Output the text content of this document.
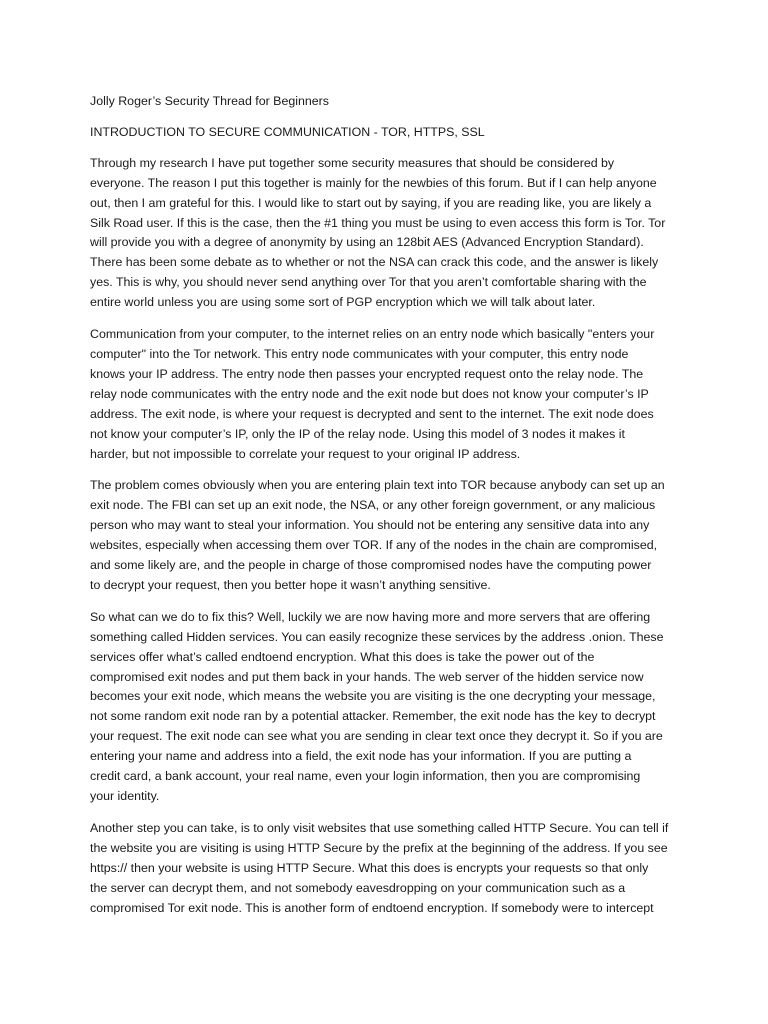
Jolly Roger’s Security Thread for Beginners
INTRODUCTION TO SECURE COMMUNICATION - TOR, HTTPS, SSL
Through my research I have put together some security measures that should be considered by
everyone. The reason I put this together is mainly for the newbies of this forum. But if I can help anyone
out, then I am grateful for this. I would like to start out by saying, if you are reading like, you are likely a
Silk Road user. If this is the case, then the #1 thing you must be using to even access this form is Tor. Tor
will provide you with a degree of anonymity by using an 128bit AES (Advanced Encryption Standard).
There has been some debate as to whether or not the NSA can crack this code, and the answer is likely
yes. This is why, you should never send anything over Tor that you aren’t comfortable sharing with the
entire world unless you are using some sort of PGP encryption which we will talk about later.
Communication from your computer, to the internet relies on an entry node which basically "enters your
computer" into the Tor network. This entry node communicates with your computer, this entry node
knows your IP address. The entry node then passes your encrypted request onto the relay node. The
relay node communicates with the entry node and the exit node but does not know your computer’s IP
address. The exit node, is where your request is decrypted and sent to the internet. The exit node does
not know your computer’s IP, only the IP of the relay node. Using this model of 3 nodes it makes it
harder, but not impossible to correlate your request to your original IP address.
The problem comes obviously when you are entering plain text into TOR because anybody can set up an
exit node. The FBI can set up an exit node, the NSA, or any other foreign government, or any malicious
person who may want to steal your information. You should not be entering any sensitive data into any
websites, especially when accessing them over TOR. If any of the nodes in the chain are compromised,
and some likely are, and the people in charge of those compromised nodes have the computing power
to decrypt your request, then you better hope it wasn’t anything sensitive.
So what can we do to fix this? Well, luckily we are now having more and more servers that are offering
something called Hidden services. You can easily recognize these services by the address .onion. These
services offer what’s called endtoend encryption. What this does is take the power out of the
compromised exit nodes and put them back in your hands. The web server of the hidden service now
becomes your exit node, which means the website you are visiting is the one decrypting your message,
not some random exit node ran by a potential attacker. Remember, the exit node has the key to decrypt
your request. The exit node can see what you are sending in clear text once they decrypt it. So if you are
entering your name and address into a field, the exit node has your information. If you are putting a
credit card, a bank account, your real name, even your login information, then you are compromising
your identity.
Another step you can take, is to only visit websites that use something called HTTP Secure. You can tell if
the website you are visiting is using HTTP Secure by the prefix at the beginning of the address. If you see
https:// then your website is using HTTP Secure. What this does is encrypts your requests so that only
the server can decrypt them, and not somebody eavesdropping on your communication such as a
compromised Tor exit node. This is another form of endtoend encryption. If somebody were to intercept
